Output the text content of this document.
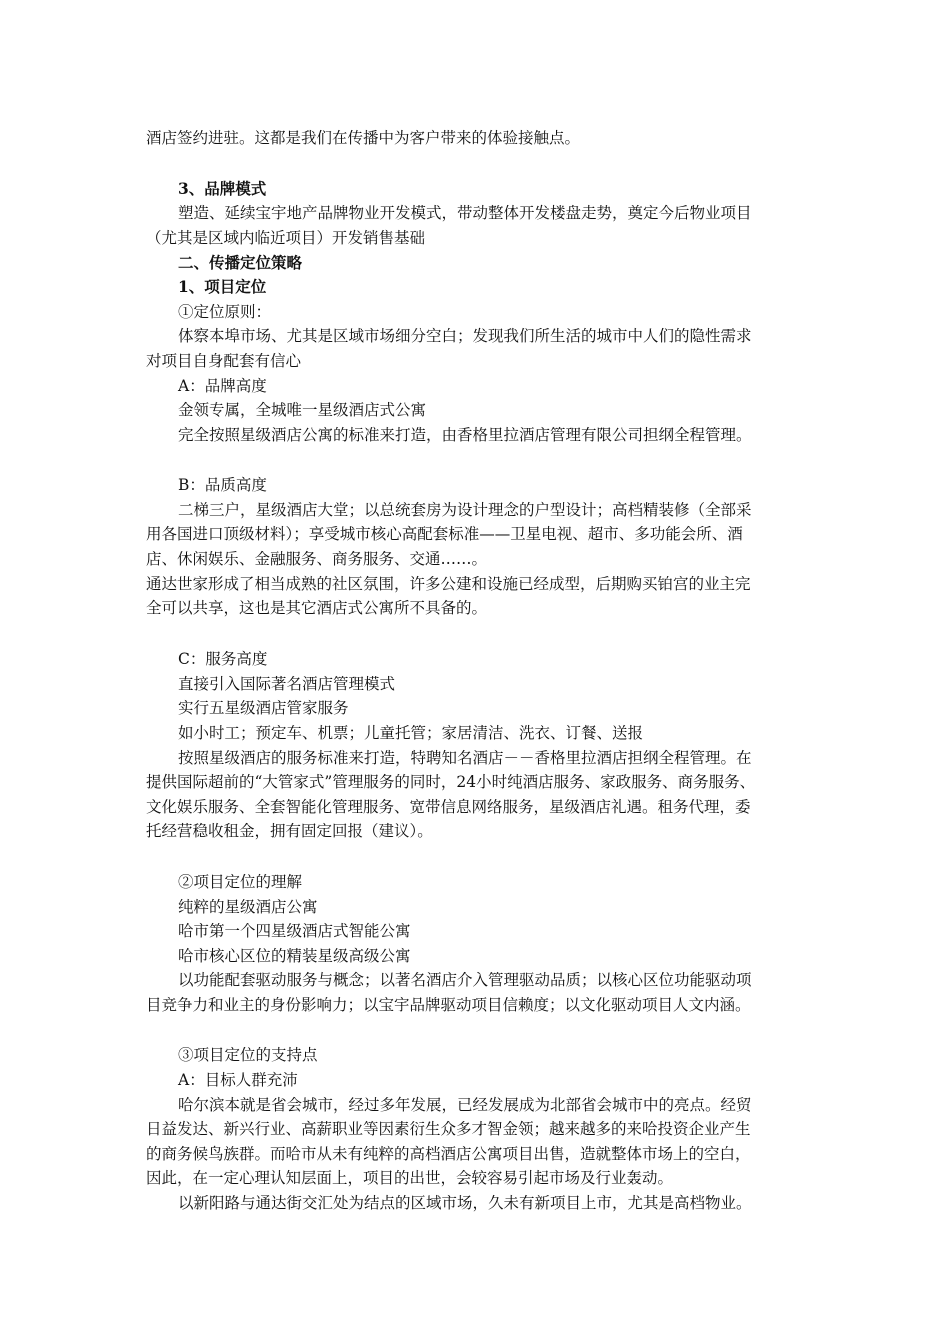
酒店签约进驻。这都是我们在传播中为客户带来的体验接触点。
3、品牌模式
塑造、延续宝宇地产品牌物业开发模式，带动整体开发楼盘走势，奠定今后物业项目
（尤其是区域内临近项目）开发销售基础
二、传播定位策略
1、项目定位
①定位原则：
体察本埠市场、尤其是区域市场细分空白；发现我们所生活的城市中人们的隐性需求
对项目自身配套有信心
A：品牌高度
金领专属，全城唯一星级酒店式公寓
完全按照星级酒店公寓的标准来打造，由香格里拉酒店管理有限公司担纲全程管理。
B：品质高度
二梯三户，星级酒店大堂；以总统套房为设计理念的户型设计；高档精装修（全部采
用各国进口顶级材料）；享受城市核心高配套标准——卫星电视、超市、多功能会所、酒
店、休闲娱乐、金融服务、商务服务、交通……。
通达世家形成了相当成熟的社区氛围，许多公建和设施已经成型，后期购买铂宫的业主完
全可以共享，这也是其它酒店式公寓所不具备的。
C：服务高度
直接引入国际著名酒店管理模式
实行五星级酒店管家服务
如小时工；预定车、机票；儿童托管；家居清洁、洗衣、订餐、送报
按照星级酒店的服务标准来打造，特聘知名酒店－－香格里拉酒店担纲全程管理。在
提供国际超前的“大管家式”管理服务的同时，24小时纯酒店服务、家政服务、商务服务、
文化娱乐服务、全套智能化管理服务、宽带信息网络服务，星级酒店礼遇。租务代理，委
托经营稳收租金，拥有固定回报（建议）。
②项目定位的理解
纯粹的星级酒店公寓
哈市第一个四星级酒店式智能公寓
哈市核心区位的精装星级高级公寓
以功能配套驱动服务与概念；以著名酒店介入管理驱动品质；以核心区位功能驱动项
目竞争力和业主的身份影响力；以宝宇品牌驱动项目信赖度；以文化驱动项目人文内涵。
③项目定位的支持点
A：目标人群充沛
哈尔滨本就是省会城市，经过多年发展，已经发展成为北部省会城市中的亮点。经贸
日益发达、新兴行业、高薪职业等因素衍生众多才智金领；越来越多的来哈投资企业产生
的商务候鸟族群。而哈市从未有纯粹的高档酒店公寓项目出售，造就整体市场上的空白，
因此，在一定心理认知层面上，项目的出世，会较容易引起市场及行业轰动。
以新阳路与通达街交汇处为结点的区域市场，久未有新项目上市，尤其是高档物业。
